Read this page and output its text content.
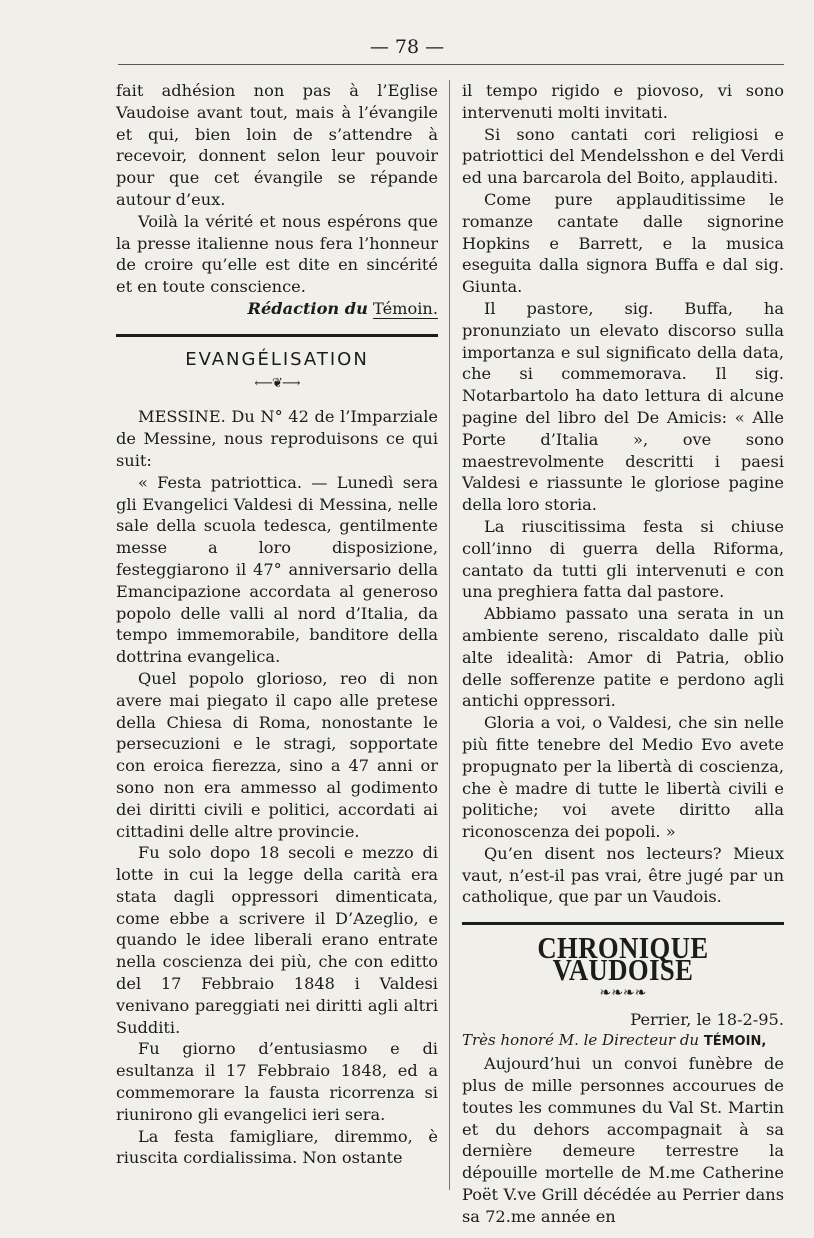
— 78 —

fait adhésion non pas à l’Eglise Vaudoise avant tout, mais à l’évangile et qui, bien loin de s’attendre à recevoir, donnent selon leur pouvoir pour que cet évangile se répande autour d’eux.

Voilà la vérité et nous espérons que la presse italienne nous fera l’honneur de croire qu’elle est dite en sincérité et en toute conscience.

Rédaction du Témoin.

EVANGÉLISATION
⟵❦⟶

MESSINE. Du N° 42 de l’Imparziale de Messine, nous reproduisons ce qui suit:

« Festa patriottica. — Lunedì sera gli Evangelici Valdesi di Messina, nelle sale della scuola tedesca, gentilmente messe a loro disposizione, festeggiarono il 47° anniversario della Emancipazione accordata al generoso popolo delle valli al nord d’Italia, da tempo immemorabile, banditore della dottrina evangelica.

Quel popolo glorioso, reo di non avere mai piegato il capo alle pretese della Chiesa di Roma, nonostante le persecuzioni e le stragi, sopportate con eroica fierezza, sino a 47 anni or sono non era ammesso al godimento dei diritti civili e politici, accordati ai cittadini delle altre provincie.

Fu solo dopo 18 secoli e mezzo di lotte in cui la legge della carità era stata dagli oppressori dimenticata, come ebbe a scrivere il D’Azeglio, e quando le idee liberali erano entrate nella coscienza dei più, che con editto del 17 Febbraio 1848 i Valdesi venivano pareggiati nei diritti agli altri Sudditi.

Fu giorno d’entusiasmo e di esultanza il 17 Febbraio 1848, ed a commemorare la fausta ricorrenza si riunirono gli evangelici ieri sera.

La festa famigliare, diremmo, è riuscita cordialissima. Non ostante

il tempo rigido e piovoso, vi sono intervenuti molti invitati.

Si sono cantati cori religiosi e patriottici del Mendelsshon e del Verdi ed una barcarola del Boito, applauditi.

Come pure applauditissime le romanze cantate dalle signorine Hopkins e Barrett, e la musica eseguita dalla signora Buffa e dal sig. Giunta.

Il pastore, sig. Buffa, ha pronunziato un elevato discorso sulla importanza e sul significato della data, che si commemorava. Il sig. Notarbartolo ha dato lettura di alcune pagine del libro del De Amicis: « Alle Porte d’Italia », ove sono maestrevolmente descritti i paesi Valdesi e riassunte le gloriose pagine della loro storia.

La riuscitissima festa si chiuse coll’inno di guerra della Riforma, cantato da tutti gli intervenuti e con una preghiera fatta dal pastore.

Abbiamo passato una serata in un ambiente sereno, riscaldato dalle più alte idealità: Amor di Patria, oblio delle sofferenze patite e perdono agli antichi oppressori.

Gloria a voi, o Valdesi, che sin nelle più fitte tenebre del Medio Evo avete propugnato per la libertà di coscienza, che è madre di tutte le libertà civili e politiche; voi avete diritto alla riconoscenza dei popoli. »

Qu’en disent nos lecteurs? Mieux vaut, n’est-il pas vrai, être jugé par un catholique, que par un Vaudois.

CHRONIQUE VAUDOISE
❧❧❧❧

Perrier, le 18-2-95.

Très honoré M. le Directeur du TÉMOIN,

Aujourd’hui un convoi funèbre de plus de mille personnes accourues de toutes les communes du Val St. Martin et du dehors accompagnait à sa dernière demeure terrestre la dépouille mortelle de M.me Catherine Poët V.ve Grill décédée au Perrier dans sa 72.me année en
